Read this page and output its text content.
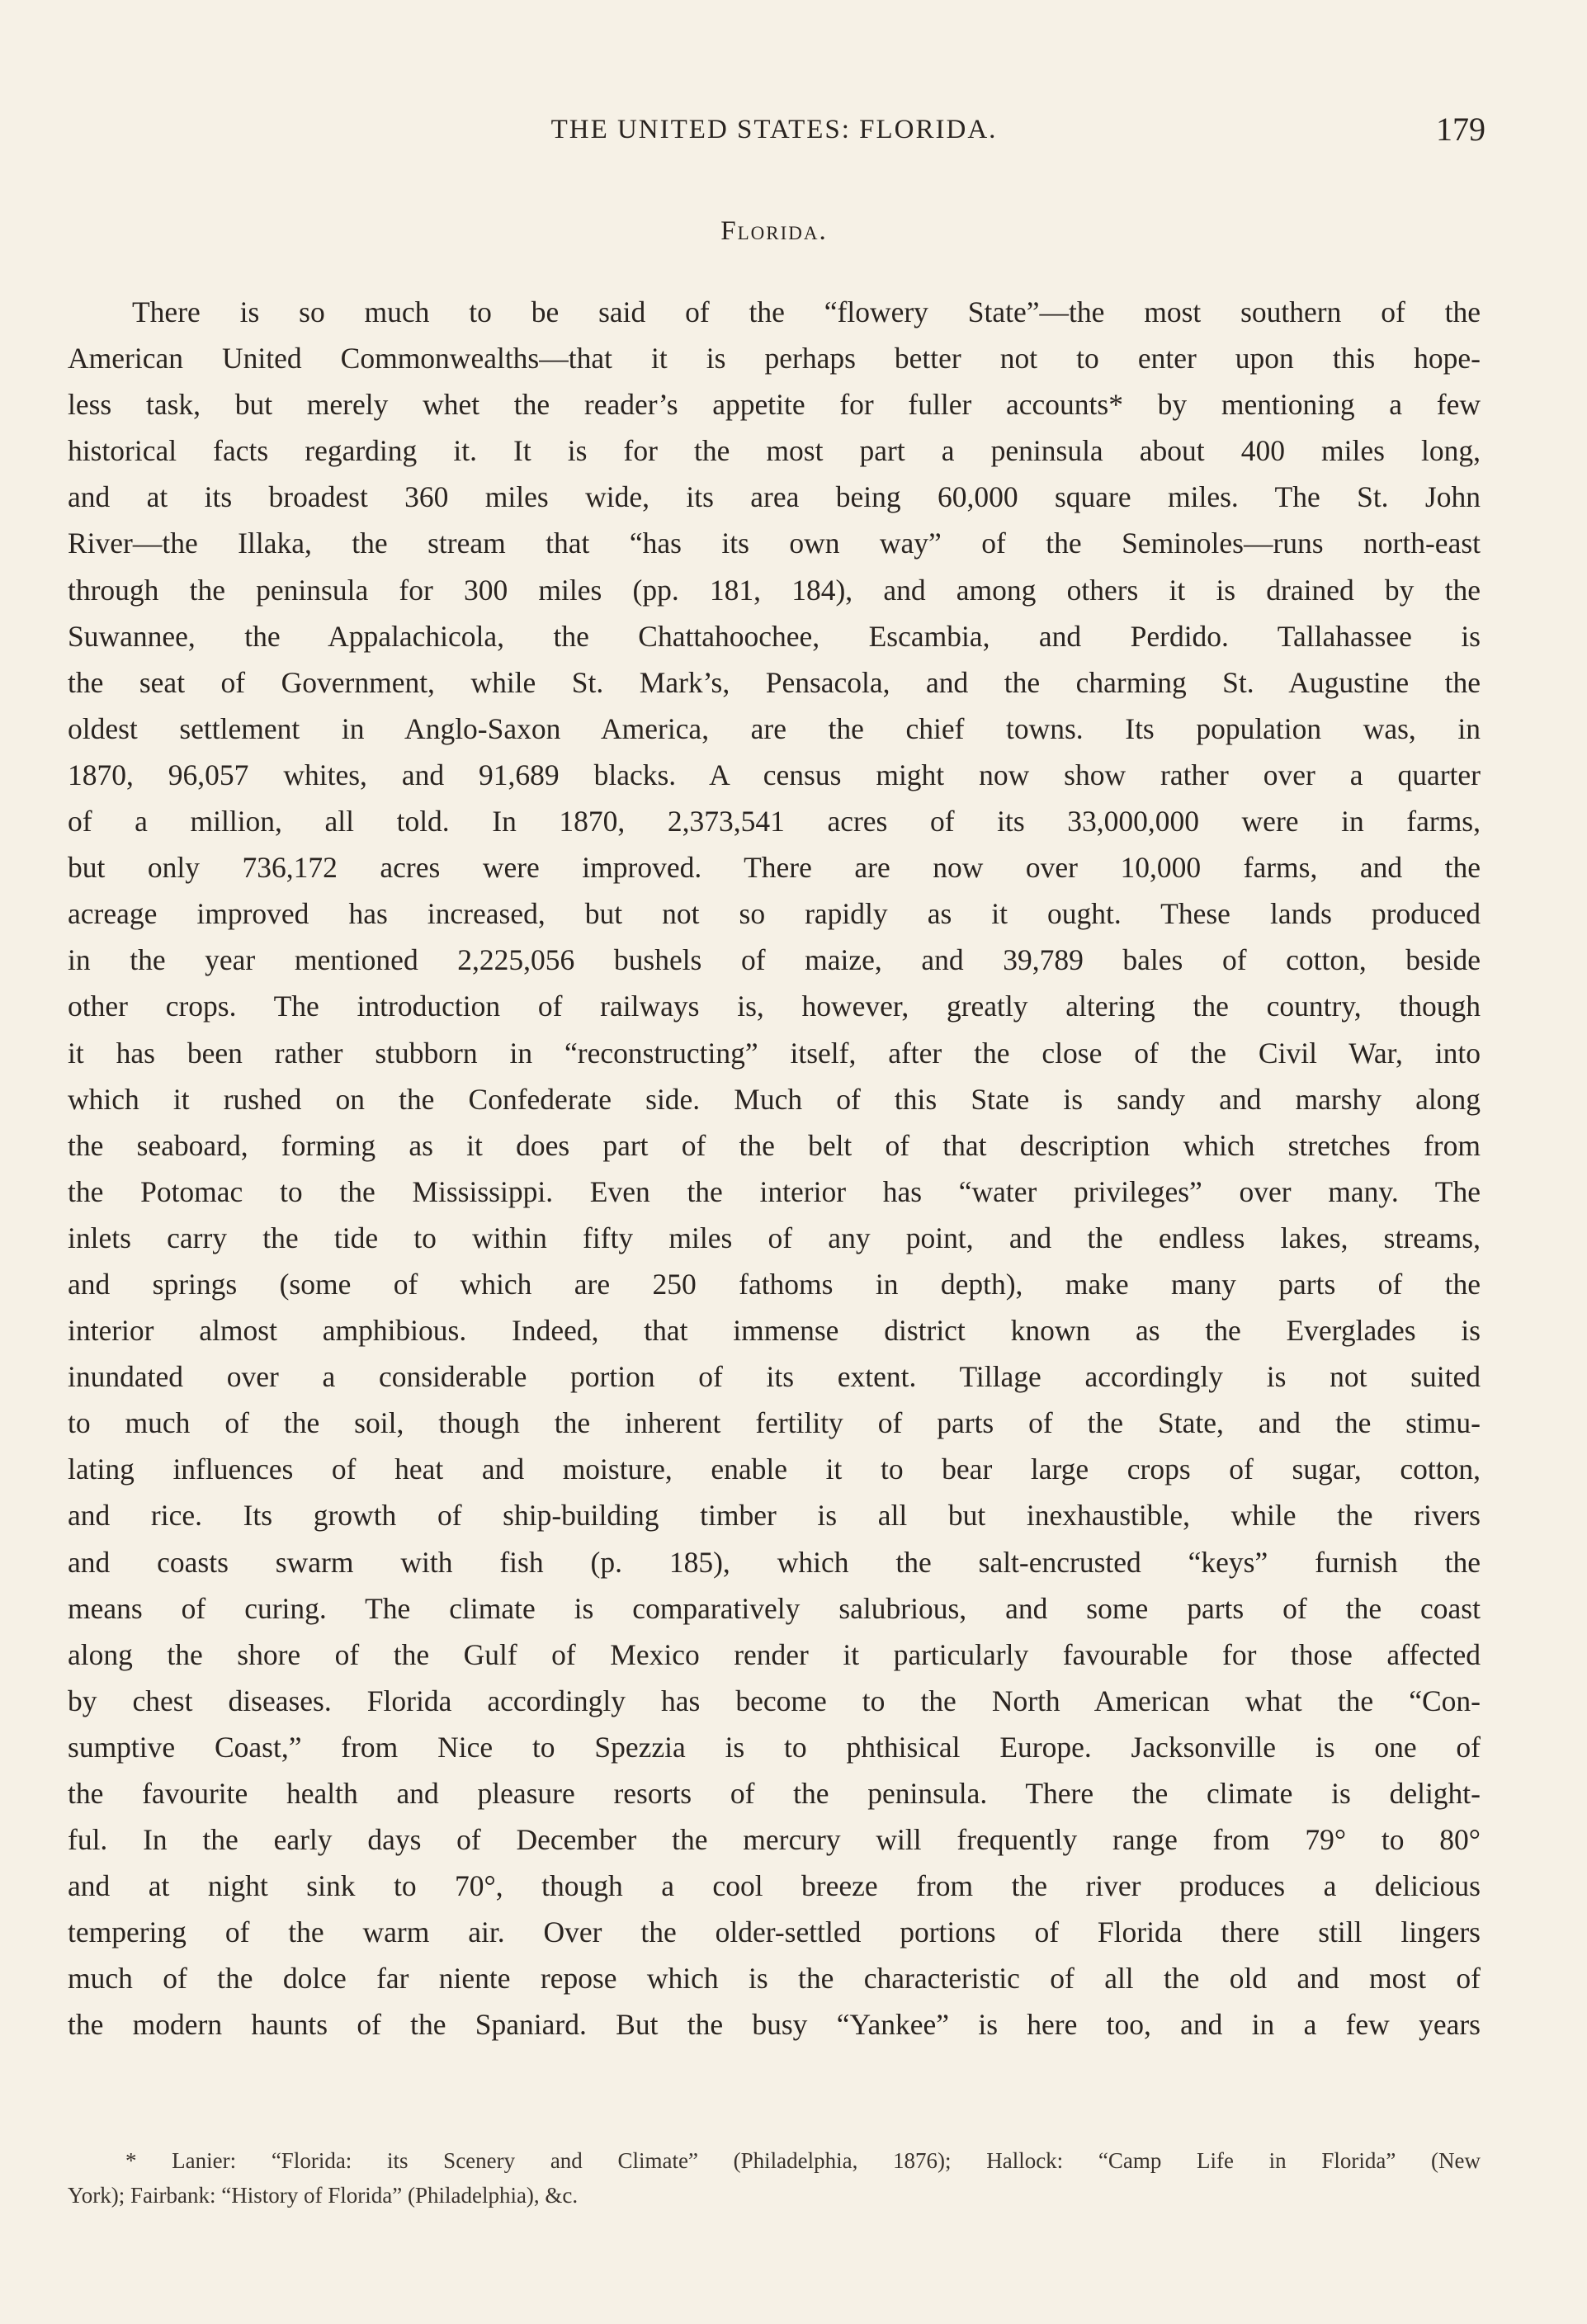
THE UNITED STATES: FLORIDA.	179
Florida.
There is so much to be said of the “flowery State”—the most southern of the
American United Commonwealths—that it is perhaps better not to enter upon this hope-
less task, but merely whet the reader’s appetite for fuller accounts* by mentioning a few
historical facts regarding it. It is for the most part a peninsula about 400 miles long,
and at its broadest 360 miles wide, its area being 60,000 square miles. The St. John
River—the Illaka, the stream that “has its own way” of the Seminoles—runs north-east
through the peninsula for 300 miles (pp. 181, 184), and among others it is drained by the
Suwannee, the Appalachicola, the Chattahoochee, Escambia, and Perdido. Tallahassee is
the seat of Government, while St. Mark’s, Pensacola, and the charming St. Augustine the
oldest settlement in Anglo-Saxon America, are the chief towns. Its population was, in
1870, 96,057 whites, and 91,689 blacks. A census might now show rather over a quarter
of a million, all told. In 1870, 2,373,541 acres of its 33,000,000 were in farms,
but only 736,172 acres were improved. There are now over 10,000 farms, and the
acreage improved has increased, but not so rapidly as it ought. These lands produced
in the year mentioned 2,225,056 bushels of maize, and 39,789 bales of cotton, beside
other crops. The introduction of railways is, however, greatly altering the country, though
it has been rather stubborn in “reconstructing” itself, after the close of the Civil War, into
which it rushed on the Confederate side. Much of this State is sandy and marshy along
the seaboard, forming as it does part of the belt of that description which stretches from
the Potomac to the Mississippi. Even the interior has “water privileges” over many. The
inlets carry the tide to within fifty miles of any point, and the endless lakes, streams,
and springs (some of which are 250 fathoms in depth), make many parts of the
interior almost amphibious. Indeed, that immense district known as the Everglades is
inundated over a considerable portion of its extent. Tillage accordingly is not suited
to much of the soil, though the inherent fertility of parts of the State, and the stimu-
lating influences of heat and moisture, enable it to bear large crops of sugar, cotton,
and rice. Its growth of ship-building timber is all but inexhaustible, while the rivers
and coasts swarm with fish (p. 185), which the salt-encrusted “keys” furnish the
means of curing. The climate is comparatively salubrious, and some parts of the coast
along the shore of the Gulf of Mexico render it particularly favourable for those affected
by chest diseases. Florida accordingly has become to the North American what the “Con-
sumptive Coast,” from Nice to Spezzia is to phthisical Europe. Jacksonville is one of
the favourite health and pleasure resorts of the peninsula. There the climate is delight-
ful. In the early days of December the mercury will frequently range from 79° to 80°
and at night sink to 70°, though a cool breeze from the river produces a delicious
tempering of the warm air. Over the older-settled portions of Florida there still lingers
much of the dolce far niente repose which is the characteristic of all the old and most of
the modern haunts of the Spaniard. But the busy “Yankee” is here too, and in a few years
* Lanier: “Florida: its Scenery and Climate” (Philadelphia, 1876); Hallock: “Camp Life in Florida” (New
York); Fairbank: “History of Florida” (Philadelphia), &c.
